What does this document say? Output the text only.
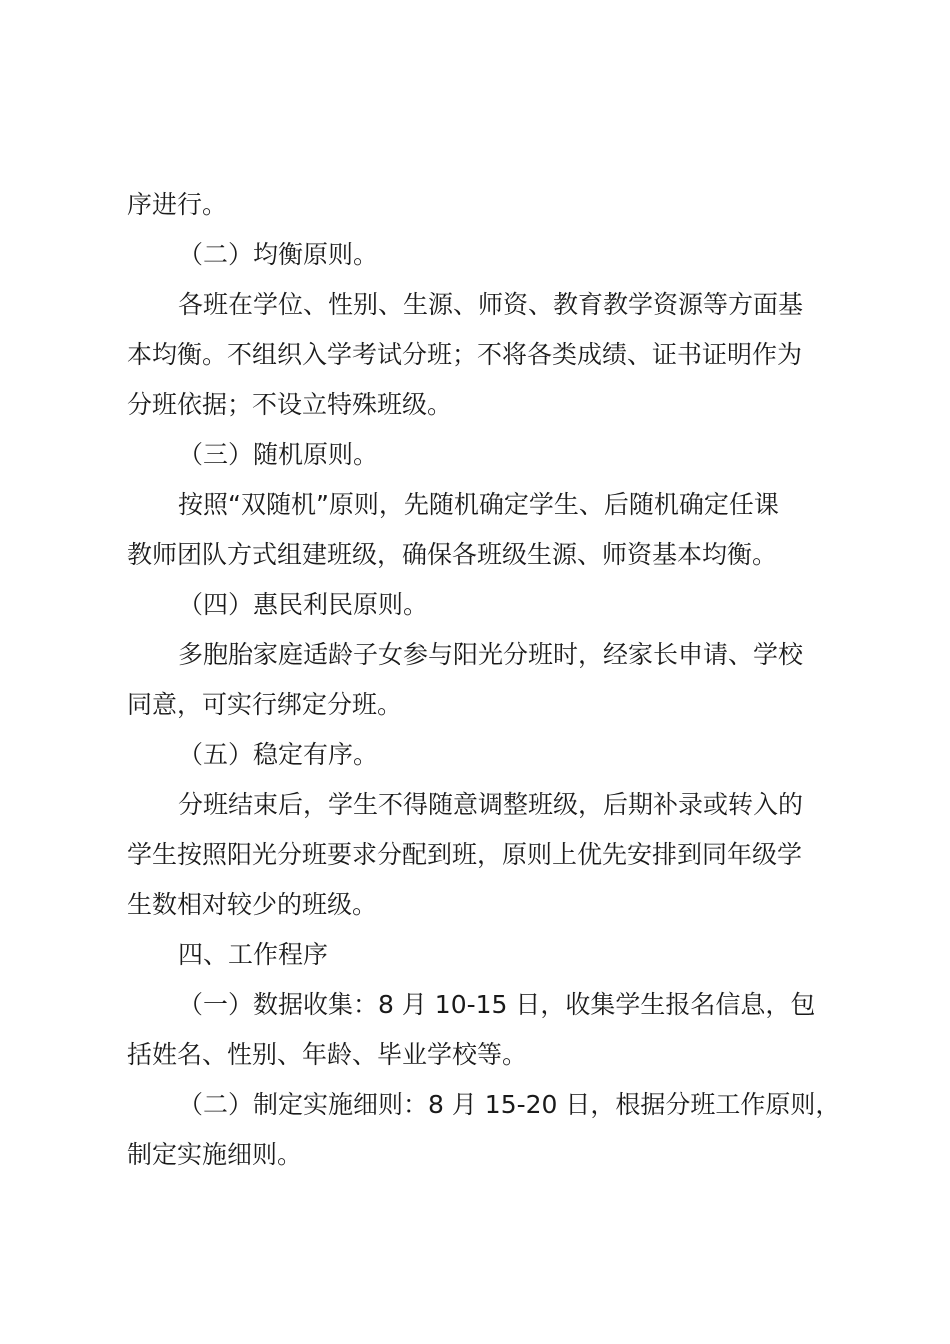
序进行。
（二）均衡原则。
各班在学位、性别、生源、师资、教育教学资源等方面基
本均衡。不组织入学考试分班；不将各类成绩、证书证明作为
分班依据；不设立特殊班级。
（三）随机原则。
按照“双随机”原则，先随机确定学生、后随机确定任课
教师团队方式组建班级，确保各班级生源、师资基本均衡。
（四）惠民利民原则。
多胞胎家庭适龄子女参与阳光分班时，经家长申请、学校
同意，可实行绑定分班。
（五）稳定有序。
分班结束后，学生不得随意调整班级，后期补录或转入的
学生按照阳光分班要求分配到班，原则上优先安排到同年级学
生数相对较少的班级。
四、工作程序
（一）数据收集：8 月 10-15 日，收集学生报名信息，包
括姓名、性别、年龄、毕业学校等。
（二）制定实施细则：8 月 15-20 日，根据分班工作原则，
制定实施细则。
